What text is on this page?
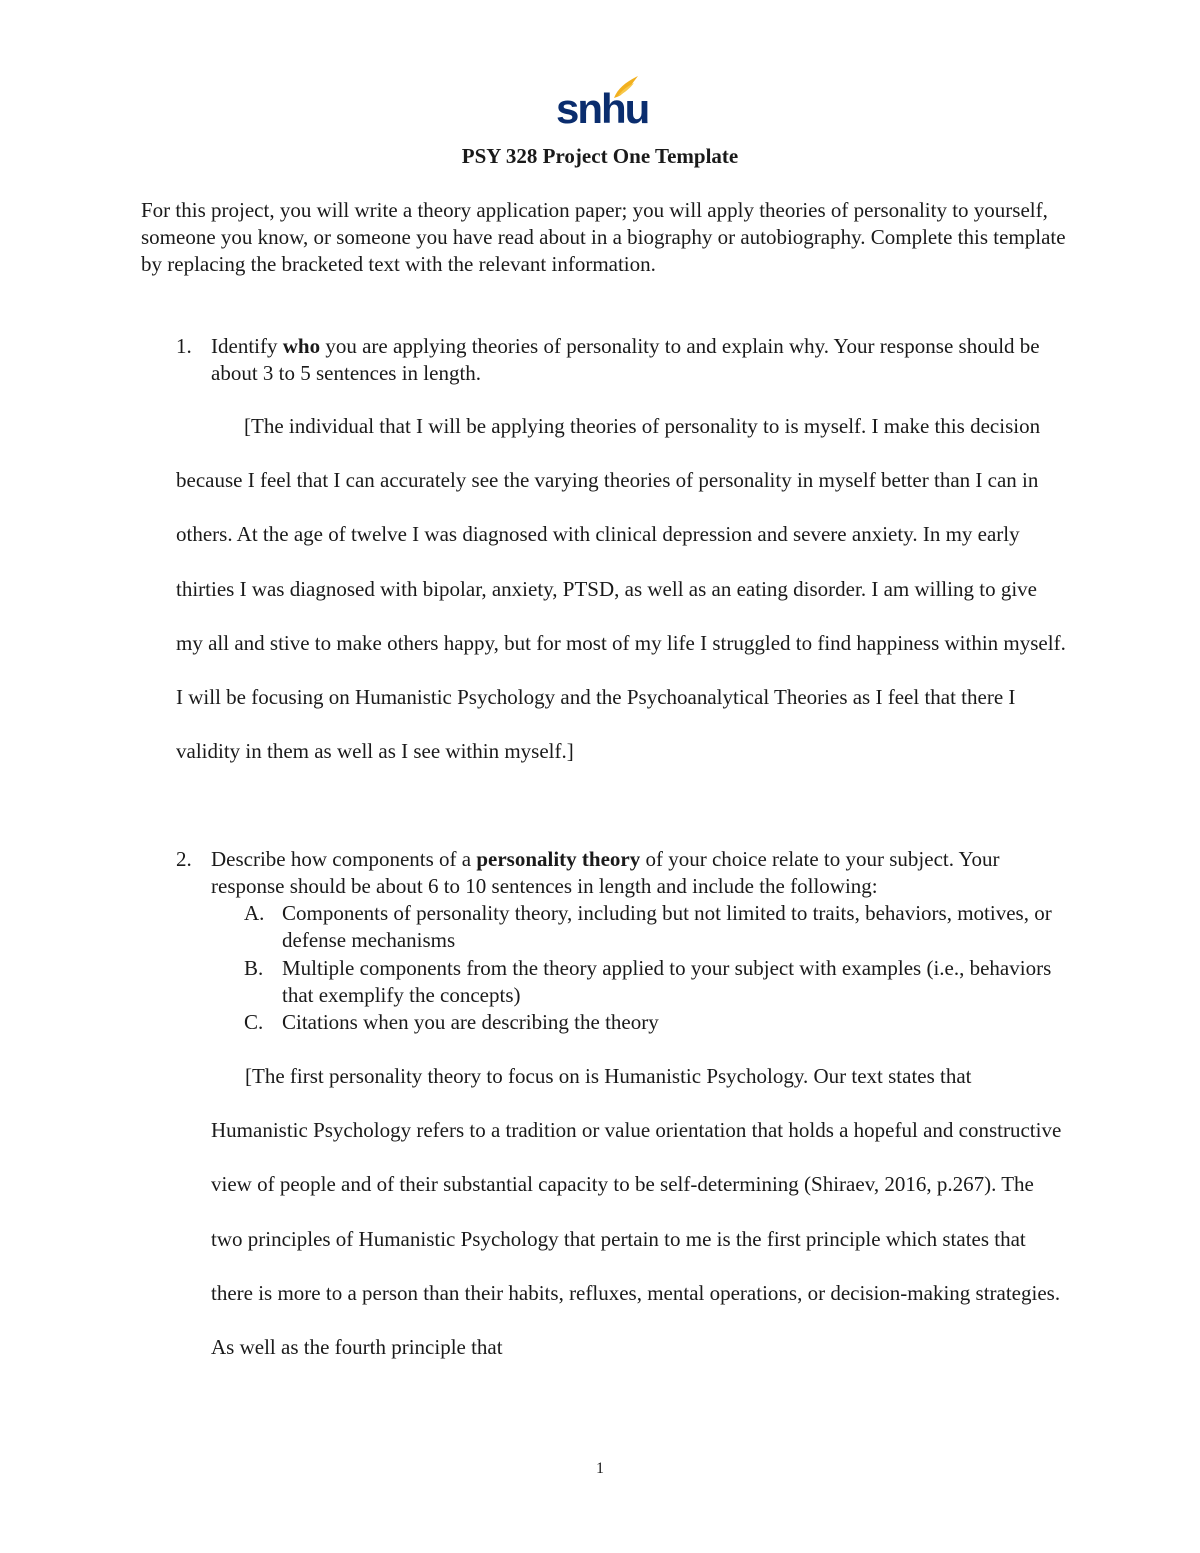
snhu
PSY 328 Project One Template

For this project, you will write a theory application paper; you will apply theories of personality to yourself, someone you know, or someone you have read about in a biography or autobiography. Complete this template by replacing the bracketed text with the relevant information.

1. Identify who you are applying theories of personality to and explain why. Your response should be about 3 to 5 sentences in length.

[The individual that I will be applying theories of personality to is myself. I make this decision because I feel that I can accurately see the varying theories of personality in myself better than I can in others. At the age of twelve I was diagnosed with clinical depression and severe anxiety. In my early thirties I was diagnosed with bipolar, anxiety, PTSD, as well as an eating disorder. I am willing to give my all and stive to make others happy, but for most of my life I struggled to find happiness within myself. I will be focusing on Humanistic Psychology and the Psychoanalytical Theories as I feel that there I validity in them as well as I see within myself.]

2. Describe how components of a personality theory of your choice relate to your subject. Your response should be about 6 to 10 sentences in length and include the following:

A. Components of personality theory, including but not limited to traits, behaviors, motives, or defense mechanisms

B. Multiple components from the theory applied to your subject with examples (i.e., behaviors that exemplify the concepts)

C. Citations when you are describing the theory

[The first personality theory to focus on is Humanistic Psychology. Our text states that Humanistic Psychology refers to a tradition or value orientation that holds a hopeful and constructive view of people and of their substantial capacity to be self-determining (Shiraev, 2016, p.267). The two principles of Humanistic Psychology that pertain to me is the first principle which states that there is more to a person than their habits, refluxes, mental operations, or decision-making strategies. As well as the fourth principle that

1
